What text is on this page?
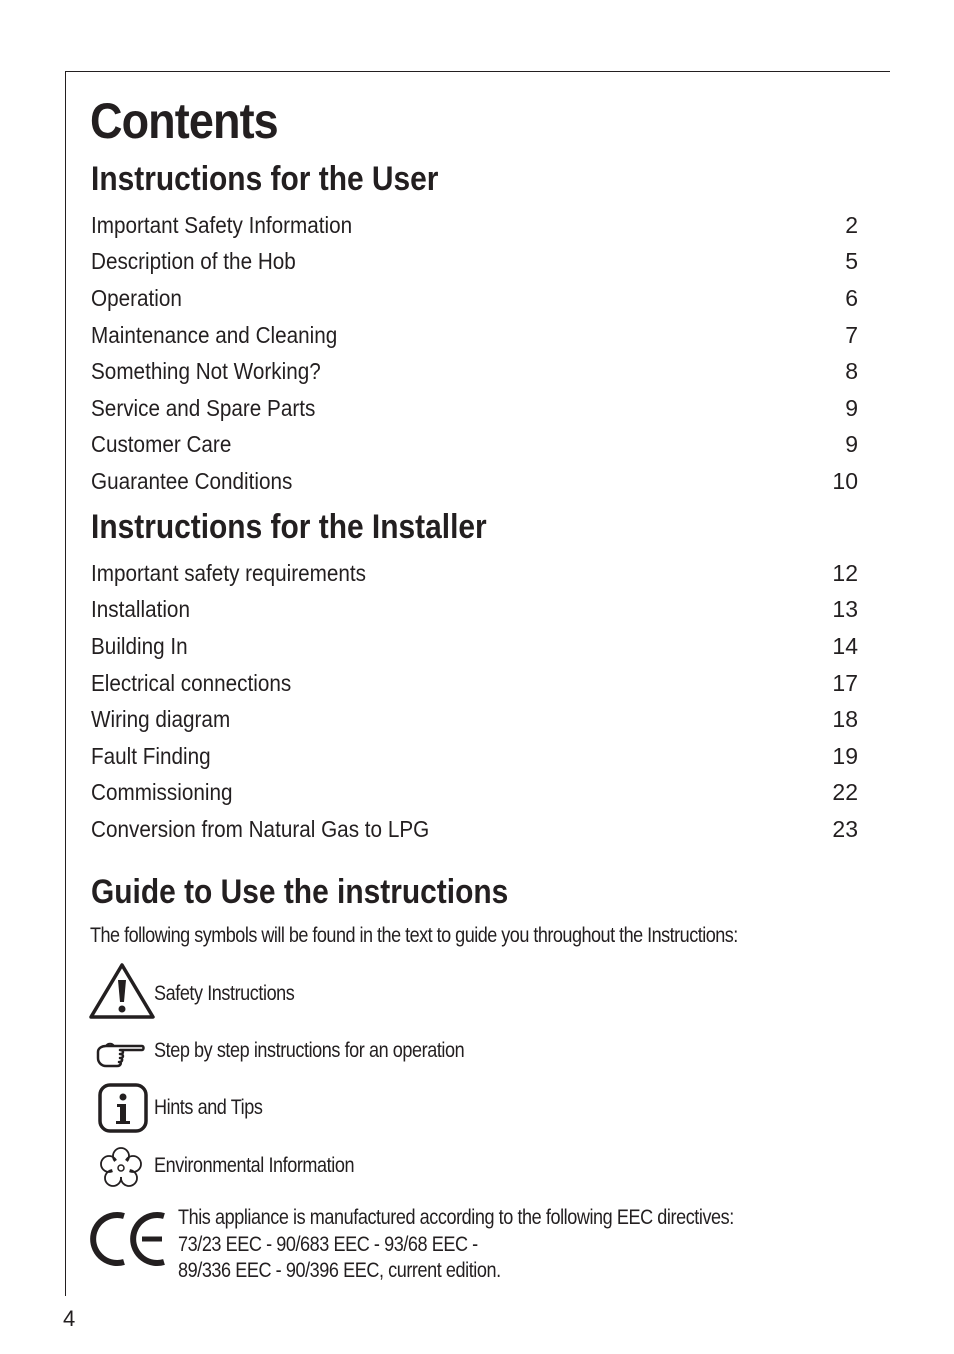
Contents
Instructions for the User
Important Safety Information	2
Description of the Hob	5
Operation	6
Maintenance and Cleaning	7
Something Not Working?	8
Service and Spare Parts	9
Customer Care	9
Guarantee Conditions	10
Instructions for the Installer
Important safety requirements	12
Installation	13
Building In	14
Electrical connections	17
Wiring diagram	18
Fault Finding	19
Commissioning	22
Conversion from Natural Gas to LPG	23
Guide to Use the instructions
The following symbols will be found in the text to guide you throughout the Instructions:
Safety Instructions
Step by step instructions for an operation
Hints and Tips
Environmental Information
This appliance is manufactured according to the following EEC directives:
73/23 EEC - 90/683 EEC - 93/68 EEC -
89/336 EEC - 90/396 EEC, current edition.
4
